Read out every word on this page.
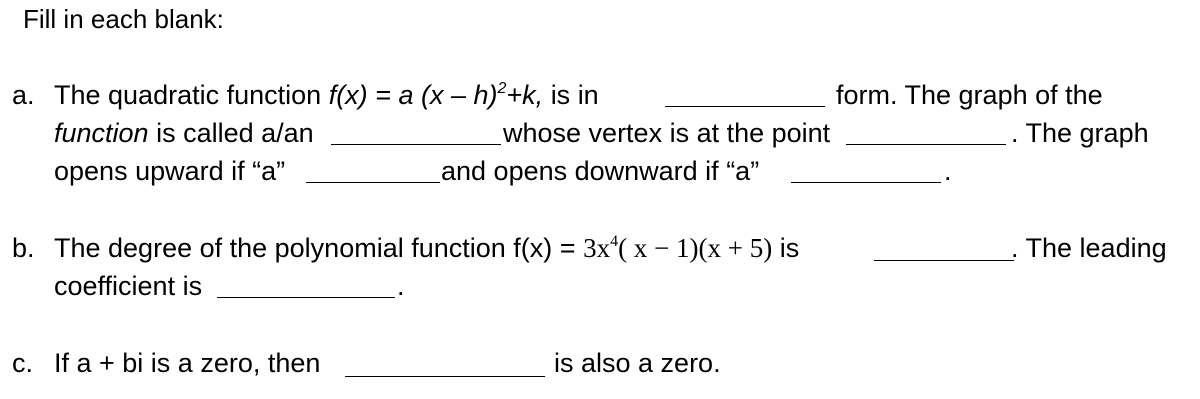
Fill in each blank:
a. The quadratic function f(x) = a (x – h)$^2$+k, is in	form. The graph of the
function is called a/an	whose vertex is at the point	. The graph
opens upward if “a”	and opens downward if “a”	.
b. The degree of the polynomial function $f(x) = 3x^4$( x − 1)(x + 5) is	. The leading
coefficient is	.
c. If a + bi is a zero, then	is also a zero.
